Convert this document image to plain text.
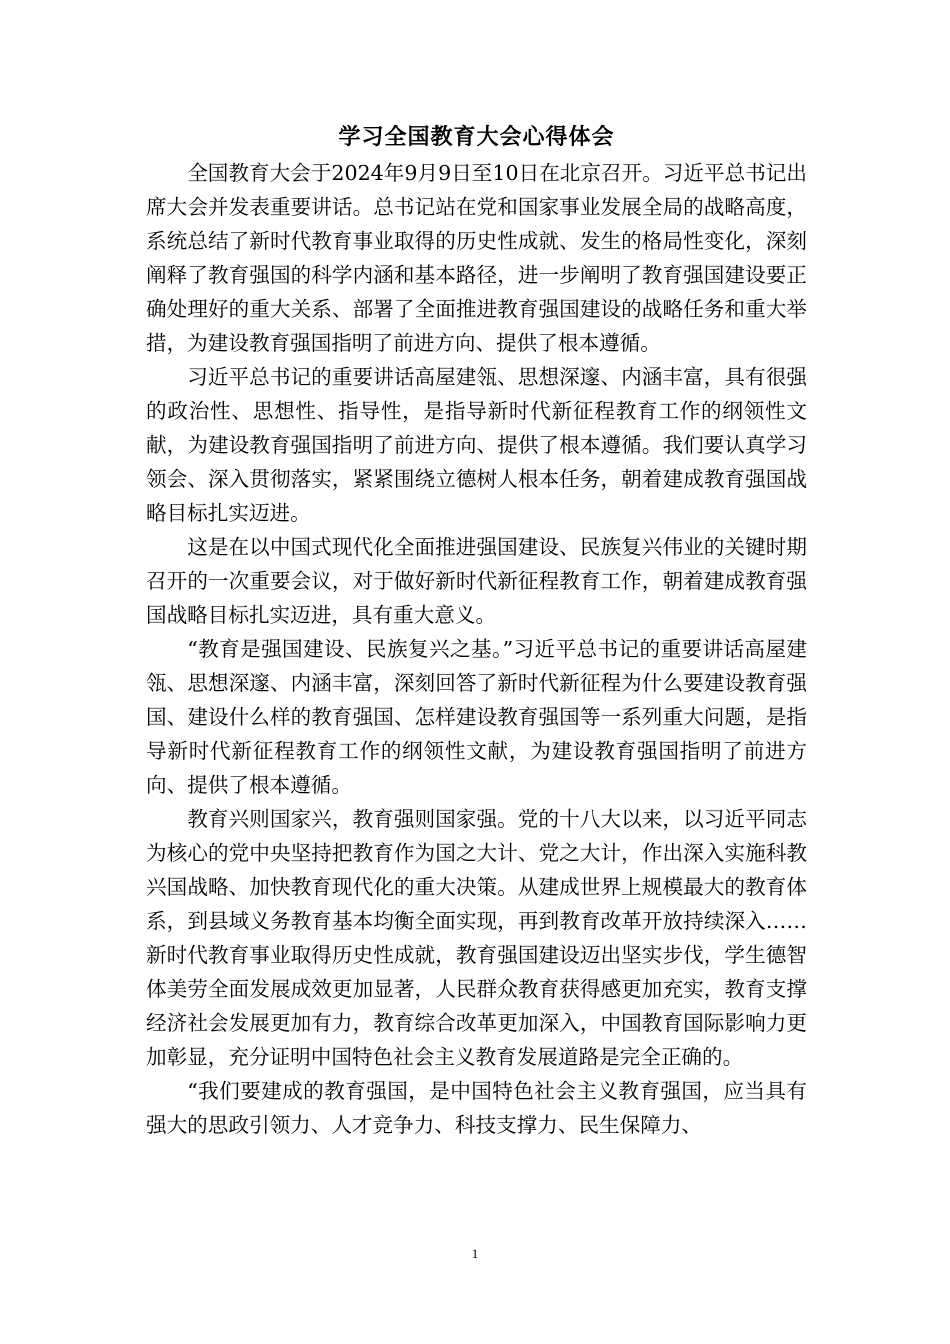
学习全国教育大会心得体会

全国教育大会于2024年9月9日至10日在北京召开。习近平总书记出席大会并发表重要讲话。总书记站在党和国家事业发展全局的战略高度，系统总结了新时代教育事业取得的历史性成就、发生的格局性变化，深刻阐释了教育强国的科学内涵和基本路径，进一步阐明了教育强国建设要正确处理好的重大关系、部署了全面推进教育强国建设的战略任务和重大举措，为建设教育强国指明了前进方向、提供了根本遵循。

习近平总书记的重要讲话高屋建瓴、思想深邃、内涵丰富，具有很强的政治性、思想性、指导性，是指导新时代新征程教育工作的纲领性文献，为建设教育强国指明了前进方向、提供了根本遵循。我们要认真学习领会、深入贯彻落实，紧紧围绕立德树人根本任务，朝着建成教育强国战略目标扎实迈进。

这是在以中国式现代化全面推进强国建设、民族复兴伟业的关键时期召开的一次重要会议，对于做好新时代新征程教育工作，朝着建成教育强国战略目标扎实迈进，具有重大意义。

“教育是强国建设、民族复兴之基。”习近平总书记的重要讲话高屋建瓴、思想深邃、内涵丰富，深刻回答了新时代新征程为什么要建设教育强国、建设什么样的教育强国、怎样建设教育强国等一系列重大问题，是指导新时代新征程教育工作的纲领性文献，为建设教育强国指明了前进方向、提供了根本遵循。

教育兴则国家兴，教育强则国家强。党的十八大以来，以习近平同志为核心的党中央坚持把教育作为国之大计、党之大计，作出深入实施科教兴国战略、加快教育现代化的重大决策。从建成世界上规模最大的教育体系，到县域义务教育基本均衡全面实现，再到教育改革开放持续深入……新时代教育事业取得历史性成就，教育强国建设迈出坚实步伐，学生德智体美劳全面发展成效更加显著，人民群众教育获得感更加充实，教育支撑经济社会发展更加有力，教育综合改革更加深入，中国教育国际影响力更加彰显，充分证明中国特色社会主义教育发展道路是完全正确的。

“我们要建成的教育强国，是中国特色社会主义教育强国，应当具有强大的思政引领力、人才竞争力、科技支撑力、民生保障力、

1
